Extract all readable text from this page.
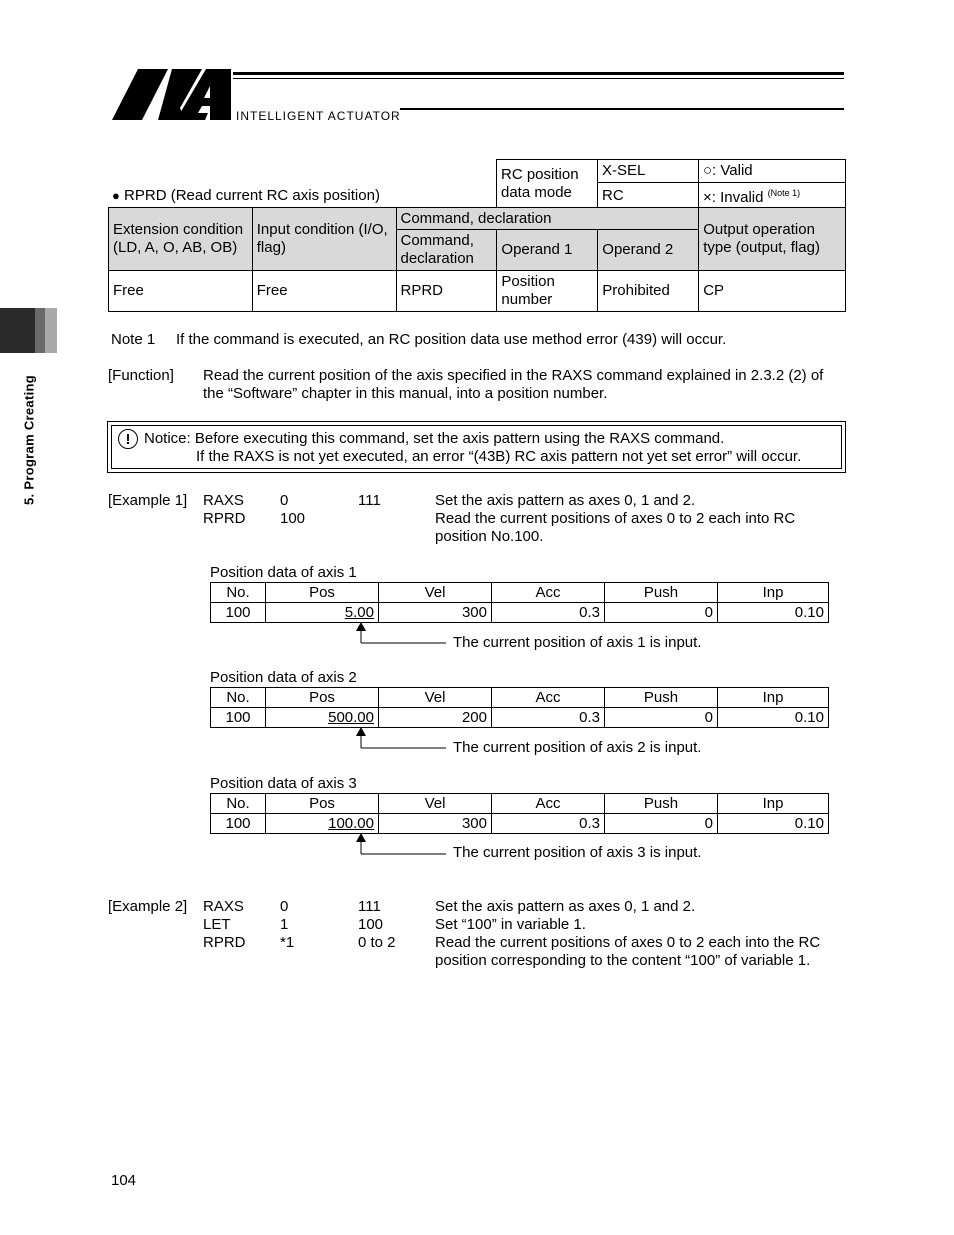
INTELLIGENT ACTUATOR
5. Program Creating
● RPRD (Read current RC axis position)
RC position data mode	X-SEL	○: Valid
	RC	×: Invalid $^{(Note 1)}$
Extension condition (LD, A, O, AB, OB)	Input condition (I/O, flag)	Command, declaration			Output operation type (output, flag)
		Command, declaration	Operand 1	Operand 2	
Free	Free	RPRD	Position number	Prohibited	CP
Note 1 If the command is executed, an RC position data use method error (439) will occur.
[Function] Read the current position of the axis specified in the RAXS command explained in 2.3.2 (2) of
the “Software” chapter in this manual, into a position number.
! Notice: Before executing this command, set the axis pattern using the RAXS command.
If the RAXS is not yet executed, an error “(43B) RC axis pattern not yet set error” will occur.
[Example 1] RAXS 0	111	Set the axis pattern as axes 0, 1 and 2.
RPRD 100	Read the current positions of axes 0 to 2 each into RC
position No.100.
Position data of axis 1
No.	Pos	Vel	Acc	Push	Inp
100	5.00	300	0.3	0	0.10
The current position of axis 1 is input.
Position data of axis 2
No.	Pos	Vel	Acc	Push	Inp
100	500.00	200	0.3	0	0.10
The current position of axis 2 is input.
Position data of axis 3
No.	Pos	Vel	Acc	Push	Inp
100	100.00	300	0.3	0	0.10
The current position of axis 3 is input.
[Example 2] RAXS 0	111	Set the axis pattern as axes 0, 1 and 2.
LET	1	100	Set “100” in variable 1.
RPRD *1	0 to 2	Read the current positions of axes 0 to 2 each into the RC
position corresponding to the content “100” of variable 1.
104
